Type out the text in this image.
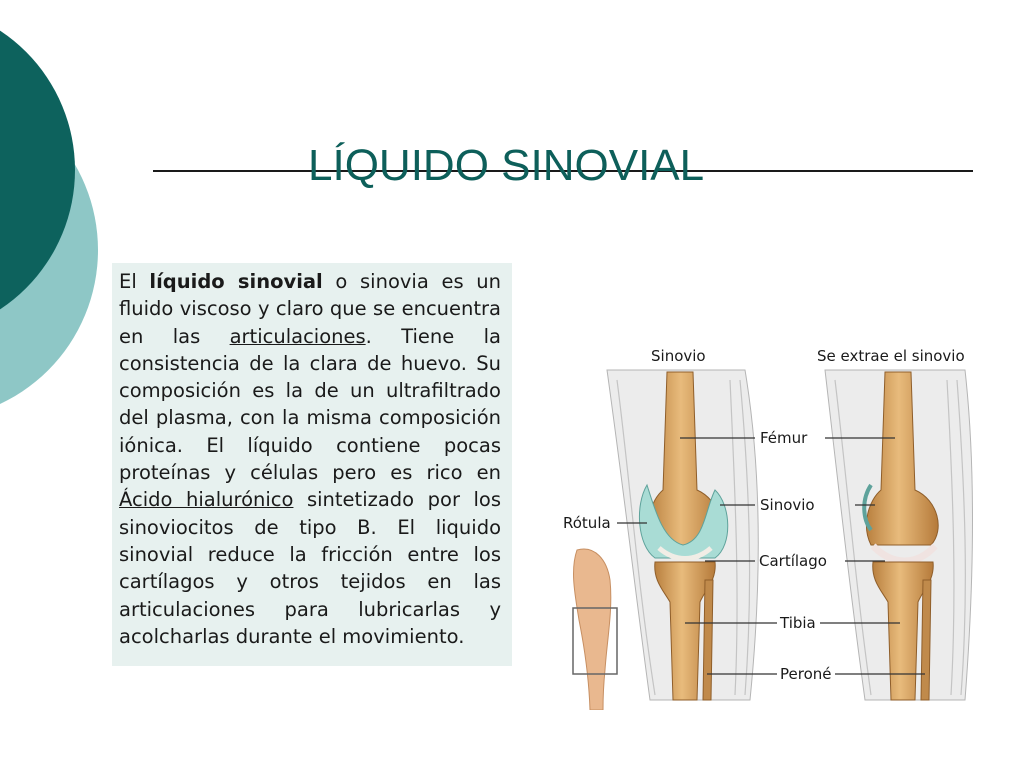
LÍQUIDO SINOVIAL

El líquido sinovial o sinovia es un fluido viscoso y claro que se encuentra en las articulaciones. Tiene la consistencia de la clara de huevo. Su composición es la de un ultrafiltrado del plasma, con la misma composición iónica. El líquido contiene pocas proteínas y células pero es rico en Ácido hialurónico sintetizado por los sinoviocitos de tipo B. El liquido sinovial reduce la fricción entre los cartílagos y otros tejidos en las articulaciones para lubricarlas y acolcharlas durante el movimiento.

Sinovio	Se extrae el sinovio
Fémur
Sinovio
Cartílago
Tibia
Peroné
Rótula
